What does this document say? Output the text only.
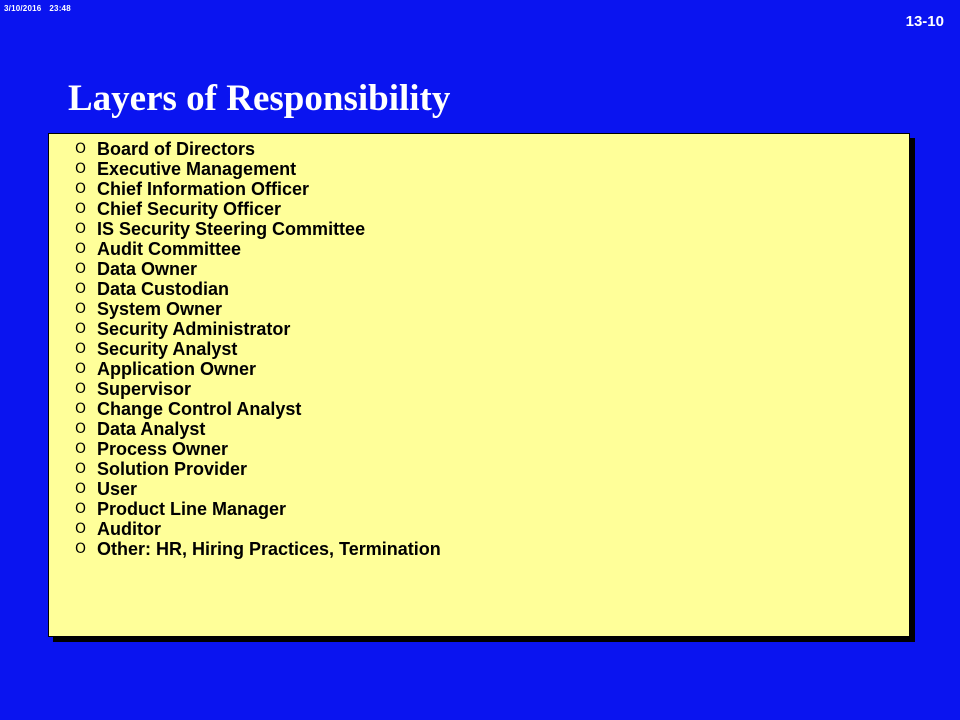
3/10/2016 23:48
13-10
Layers of Responsibility
O Board of Directors
O Executive Management
O Chief Information Officer
O Chief Security Officer
O IS Security Steering Committee
O Audit Committee
O Data Owner
O Data Custodian
O System Owner
O Security Administrator
O Security Analyst
O Application Owner
O Supervisor
O Change Control Analyst
O Data Analyst
O Process Owner
O Solution Provider
O User
O Product Line Manager
O Auditor
O Other: HR, Hiring Practices, Termination
